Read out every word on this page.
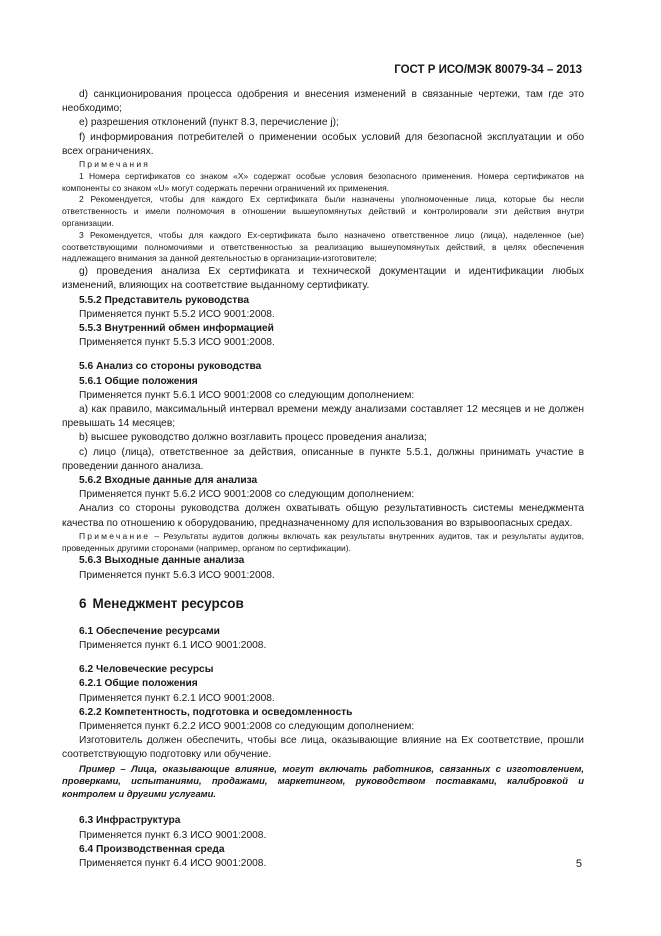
ГОСТ Р ИСО/МЭК 80079-34 – 2013

d) санкционирования процесса одобрения и внесения изменений в связанные чертежи, там где это необходимо;

e) разрешения отклонений (пункт 8.3, перечисление j);

f) информирования потребителей о применении особых условий для безопасной эксплуатации и обо всех ограничениях.

Примечания

1 Номера сертификатов со знаком «X» содержат особые условия безопасного применения. Номера сертификатов на компоненты со знаком «U» могут содержать перечни ограничений их применения.

2 Рекомендуется, чтобы для каждого Ех сертификата были назначены уполномоченные лица, которые бы несли ответственность и имели полномочия в отношении вышеупомянутых действий и контролировали эти действия внутри организации.

3 Рекомендуется, чтобы для каждого Ех-сертификата было назначено ответственное лицо (лица), наделенное (ые) соответствующими полномочиями и ответственностью за реализацию вышеупомянутых действий, в целях обеспечения надлежащего внимания за данной деятельностью в организации-изготовителе;

g) проведения анализа Ех сертификата и технической документации и идентификации любых изменений, влияющих на соответствие выданному сертификату.

5.5.2 Представитель руководства

Применяется пункт 5.5.2 ИСО 9001:2008.

5.5.3 Внутренний обмен информацией

Применяется пункт 5.5.3 ИСО 9001:2008.

5.6 Анализ со стороны руководства

5.6.1 Общие положения

Применяется пункт 5.6.1 ИСО 9001:2008 со следующим дополнением:

a) как правило, максимальный интервал времени между анализами составляет 12 месяцев и не должен превышать 14 месяцев;

b) высшее руководство должно возглавить процесс проведения анализа;

c) лицо (лица), ответственное за действия, описанные в пункте 5.5.1, должны принимать участие в проведении данного анализа.

5.6.2 Входные данные для анализа

Применяется пункт 5.6.2 ИСО 9001:2008 со следующим дополнением:

Анализ со стороны руководства должен охватывать общую результативность системы менеджмента качества по отношению к оборудованию, предназначенному для использования во взрывоопасных средах.

Примечание – Результаты аудитов должны включать как результаты внутренних аудитов, так и результаты аудитов, проведенных другими сторонами (например, органом по сертификации).

5.6.3 Выходные данные анализа

Применяется пункт 5.6.3 ИСО 9001:2008.

6 Менеджмент ресурсов

6.1 Обеспечение ресурсами

Применяется пункт 6.1 ИСО 9001:2008.

6.2 Человеческие ресурсы

6.2.1 Общие положения

Применяется пункт 6.2.1 ИСО 9001:2008.

6.2.2 Компетентность, подготовка и осведомленность

Применяется пункт 6.2.2 ИСО 9001:2008 со следующим дополнением:

Изготовитель должен обеспечить, чтобы все лица, оказывающие влияние на Ех соответствие, прошли соответствующую подготовку или обучение.

Пример – Лица, оказывающие влияние, могут включать работников, связанных с изготовлением, проверками, испытаниями, продажами, маркетингом, руководством поставками, калибровкой и контролем и другими услугами.

6.3 Инфраструктура

Применяется пункт 6.3 ИСО 9001:2008.

6.4 Производственная среда

Применяется пункт 6.4 ИСО 9001:2008.	5
